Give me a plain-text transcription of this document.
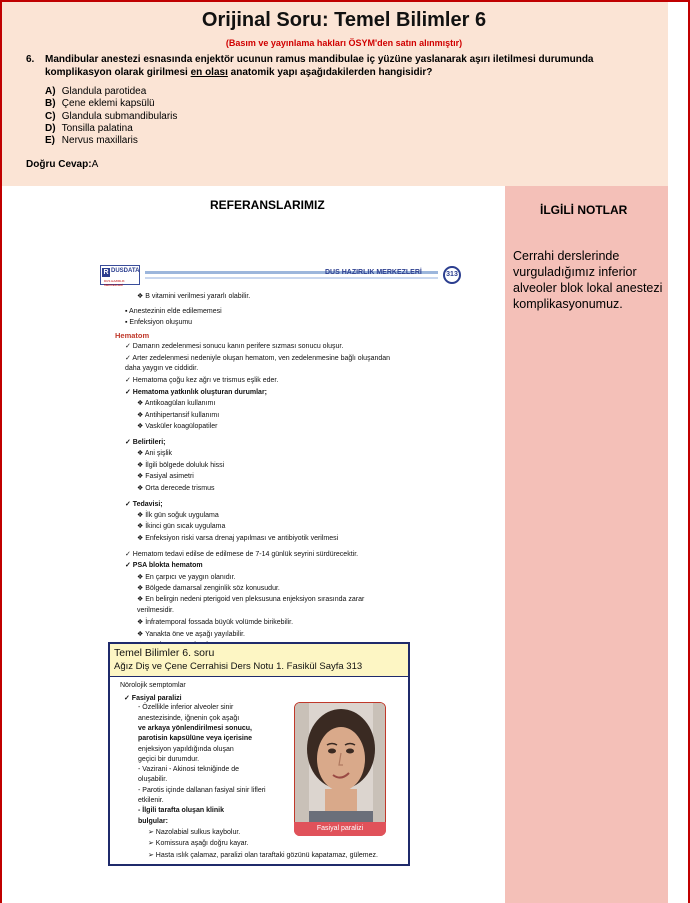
Orijinal Soru: Temel Bilimler 6
(Basım ve yayınlama hakları ÖSYM'den satın alınmıştır)
6. Mandibular anestezi esnasında enjektör ucunun ramus mandibulae iç yüzüne yaslanarak aşırı iletilmesi durumunda komplikasyon olarak girilmesi en olası anatomik yapı aşağıdakilerden hangisidir?
A) Glandula parotidea
B) Çene eklemi kapsülü
C) Glandula submandibularis
D) Tonsilla palatina
E) Nervus maxillaris
Doğru Cevap:A
REFERANSLARIMIZ
R DUSDATA
DUS HAZIRLIK MERKEZLERİ
DUS HAZIRLIK MERKEZLERİ	313
❖ B vitamini verilmesi yararlı olabilir.
▪ Anestezinin elde edilememesi
▪ Enfeksiyon oluşumu
Hematom
✓ Damarın zedelenmesi sonucu kanın perifere sızması sonucu oluşur.
✓ Arter zedelenmesi nedeniyle oluşan hematom, ven zedelenmesine bağlı oluşandan
daha yaygın ve ciddidir.
✓ Hematoma çoğu kez ağrı ve trismus eşlik eder.
✓ Hematoma yatkınlık oluşturan durumlar;
❖ Antikoagülan kullanımı
❖ Antihipertansif kullanımı
❖ Vasküler koagülopatiler
✓ Belirtileri;
❖ Ani şişlik
❖ İlgili bölgede doluluk hissi
❖ Fasiyal asimetri
❖ Orta derecede trismus
✓ Tedavisi;
❖ İlk gün soğuk uygulama
❖ İkinci gün sıcak uygulama
❖ Enfeksiyon riski varsa drenaj yapılması ve antibiyotik verilmesi
✓ Hematom tedavi edilse de edilmese de 7-14 günlük seyrini sürdürecektir.
✓ PSA blokta hematom
❖ En çarpıcı ve yaygın olanıdır.
❖ Bölgede damarsal zenginlik söz konusudur.
❖ En belirgin nedeni pterigoid ven pleksusuna enjeksiyon sırasında zarar
verilmesidir.
❖ İnfratemporal fossada büyük volümde birikebilir.
❖ Yanakta öne ve aşağı yayılabilir.
Temel Bilimler 6. soru
Ağız Diş ve Çene Cerrahisi Ders Notu 1. Fasikül Sayfa 313
Nörolojik semptomlar
✓ Fasiyal paralizi
- Özellikle inferior alveoler sinir
anestezisinde, iğnenin çok aşağı
ve arkaya yönlendirilmesi sonucu,
parotisin kapsülüne veya içerisine
enjeksiyon yapıldığında oluşan
geçici bir durumdur.
- Vazirani - Akinosi tekniğinde de
oluşabilir.
- Parotis içinde dallanan fasiyal sinir lifleri
etkilenir.
- İlgili tarafta oluşan klinik
bulgular:
➢ Nazolabial sulkus kaybolur.
➢ Komissura aşağı doğru kayar.
➢ Hasta ıslık çalamaz, paralizi olan taraftaki gözünü kapatamaz, gülemez.
Fasiyal paralizi
İLGİLİ NOTLAR
Cerrahi derslerinde vurguladığımız inferior alveoler blok lokal anestezi komplikasyonumuz.
